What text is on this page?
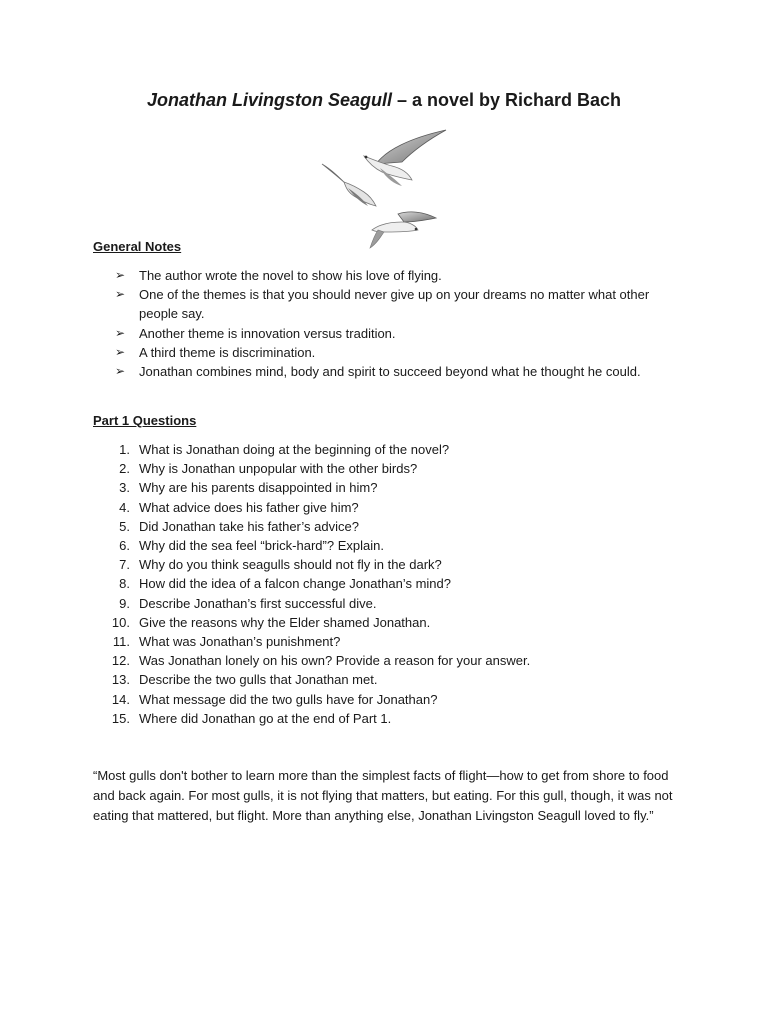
Jonathan Livingston Seagull – a novel by Richard Bach
General Notes
➢ The author wrote the novel to show his love of flying.
➢ One of the themes is that you should never give up on your dreams no matter what other people say.
➢ Another theme is innovation versus tradition.
➢ A third theme is discrimination.
➢ Jonathan combines mind, body and spirit to succeed beyond what he thought he could.
Part 1 Questions
1. What is Jonathan doing at the beginning of the novel?
2. Why is Jonathan unpopular with the other birds?
3. Why are his parents disappointed in him?
4. What advice does his father give him?
5. Did Jonathan take his father’s advice?
6. Why did the sea feel “brick-hard”? Explain.
7. Why do you think seagulls should not fly in the dark?
8. How did the idea of a falcon change Jonathan’s mind?
9. Describe Jonathan’s first successful dive.
10. Give the reasons why the Elder shamed Jonathan.
11. What was Jonathan’s punishment?
12. Was Jonathan lonely on his own? Provide a reason for your answer.
13. Describe the two gulls that Jonathan met.
14. What message did the two gulls have for Jonathan?
15. Where did Jonathan go at the end of Part 1.

“Most gulls don't bother to learn more than the simplest facts of flight—how to get from shore to food and back again. For most gulls, it is not flying that matters, but eating. For this gull, though, it was not eating that mattered, but flight. More than anything else, Jonathan Livingston Seagull loved to fly.”
